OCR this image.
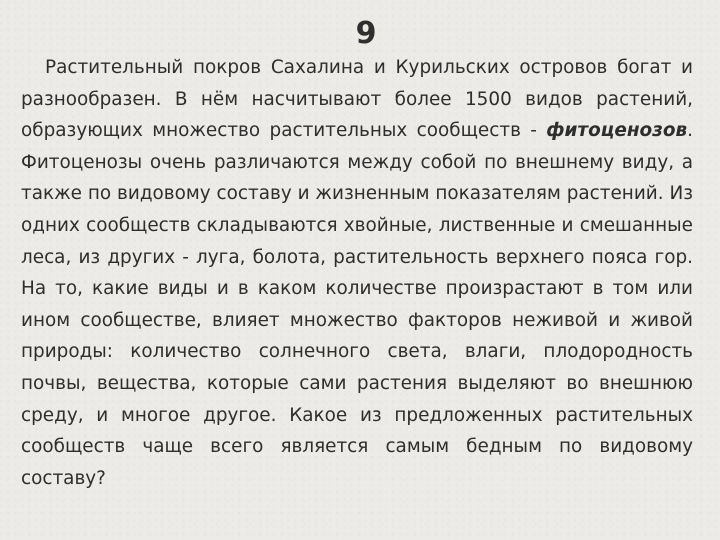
9

Растительный покров Сахалина и Курильских островов богат и разнообразен. В нём насчитывают более 1500 видов растений, образующих множество растительных сообществ - фитоценозов. Фитоценозы очень различаются между собой по внешнему виду, а также по видовому составу и жизненным показателям растений. Из одних сообществ складываются хвойные, лиственные и смешанные леса, из других - луга, болота, растительность верхнего пояса гор. На то, какие виды и в каком количестве произрастают в том или ином сообществе, влияет множество факторов неживой и живой природы: количество солнечного света, влаги, плодородность почвы, вещества, которые сами растения выделяют во внешнюю среду, и многое другое. Какое из предложенных растительных сообществ чаще всего является самым бедным по видовому составу?
